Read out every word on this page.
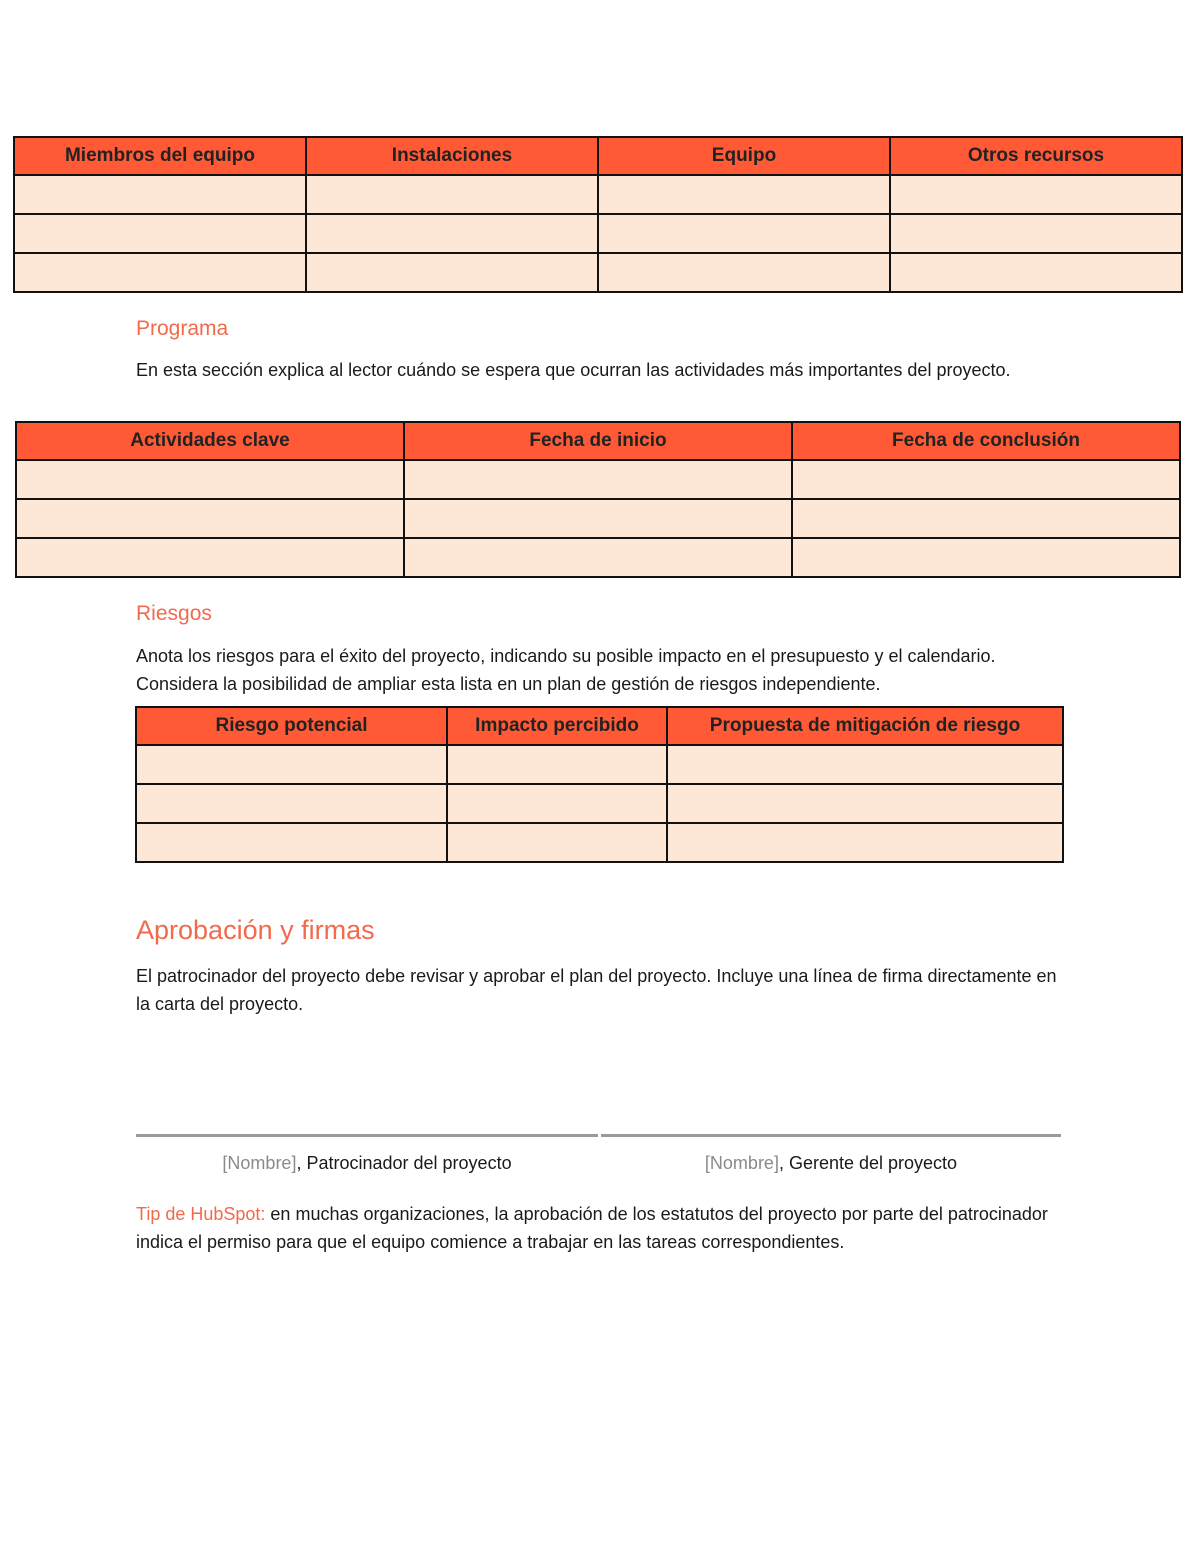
Miembros del equipo	Instalaciones	Equipo	Otros recursos

Programa
En esta sección explica al lector cuándo se espera que ocurran las actividades más importantes del proyecto.
Actividades clave	Fecha de inicio	Fecha de conclusión

Riesgos
Anota los riesgos para el éxito del proyecto, indicando su posible impacto en el presupuesto y el calendario. Considera la posibilidad de ampliar esta lista en un plan de gestión de riesgos independiente.
Riesgo potencial	Impacto percibido	Propuesta de mitigación de riesgo

Aprobación y firmas
El patrocinador del proyecto debe revisar y aprobar el plan del proyecto. Incluye una línea de firma directamente en la carta del proyecto.
[Nombre], Patrocinador del proyecto	[Nombre], Gerente del proyecto
Tip de HubSpot: en muchas organizaciones, la aprobación de los estatutos del proyecto por parte del patrocinador indica el permiso para que el equipo comience a trabajar en las tareas correspondientes.
